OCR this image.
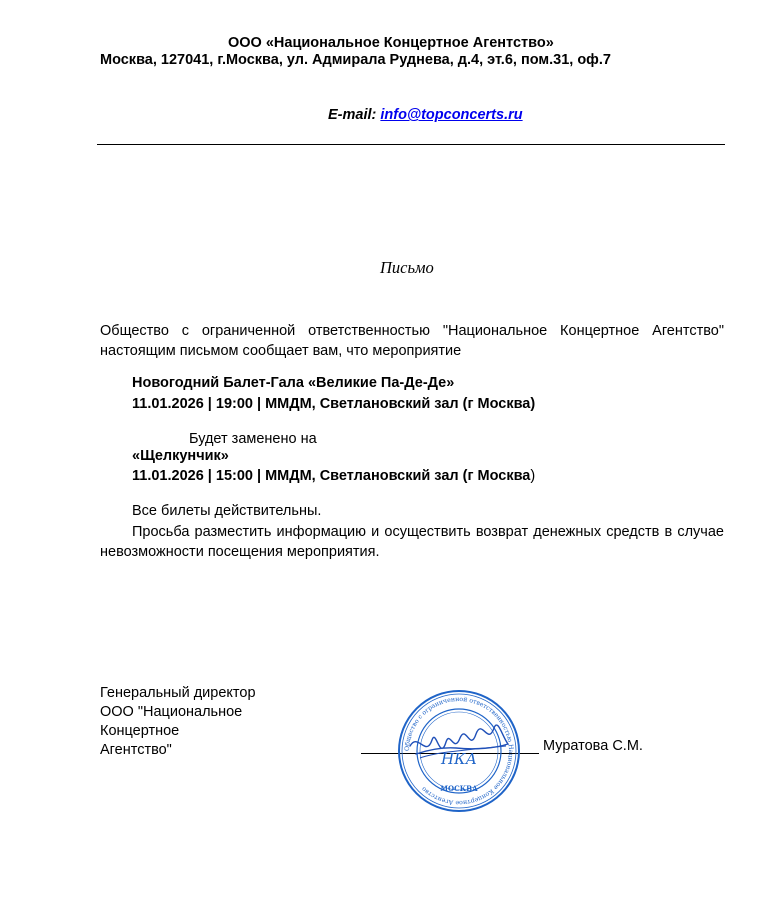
ООО «Национальное Концертное Агентство»
Москва, 127041, г.Москва, ул. Адмирала Руднева, д.4, эт.6, пом.31, оф.7
E-mail: info@topconcerts.ru
Письмо
Общество с ограниченной ответственностью "Национальное Концертное Агентство" настоящим письмом сообщает вам, что мероприятие
Новогодний Балет-Гала «Великие Па-Де-Де»
11.01.2026 | 19:00 | ММДМ, Светлановский зал (г Москва)
Будет заменено на
«Щелкунчик»
11.01.2026 | 15:00 | ММДМ, Светлановский зал (г Москва)
Все билеты действительны.
Просьба разместить информацию и осуществить возврат денежных средств в случае невозможности посещения мероприятия.
Генеральный директор
ООО "Национальное
Концертное
Агентство"	Общество с ограниченной ответственностью Национальное Концертное Агентство
НКА
МОСКВА
Муратова С.М.
